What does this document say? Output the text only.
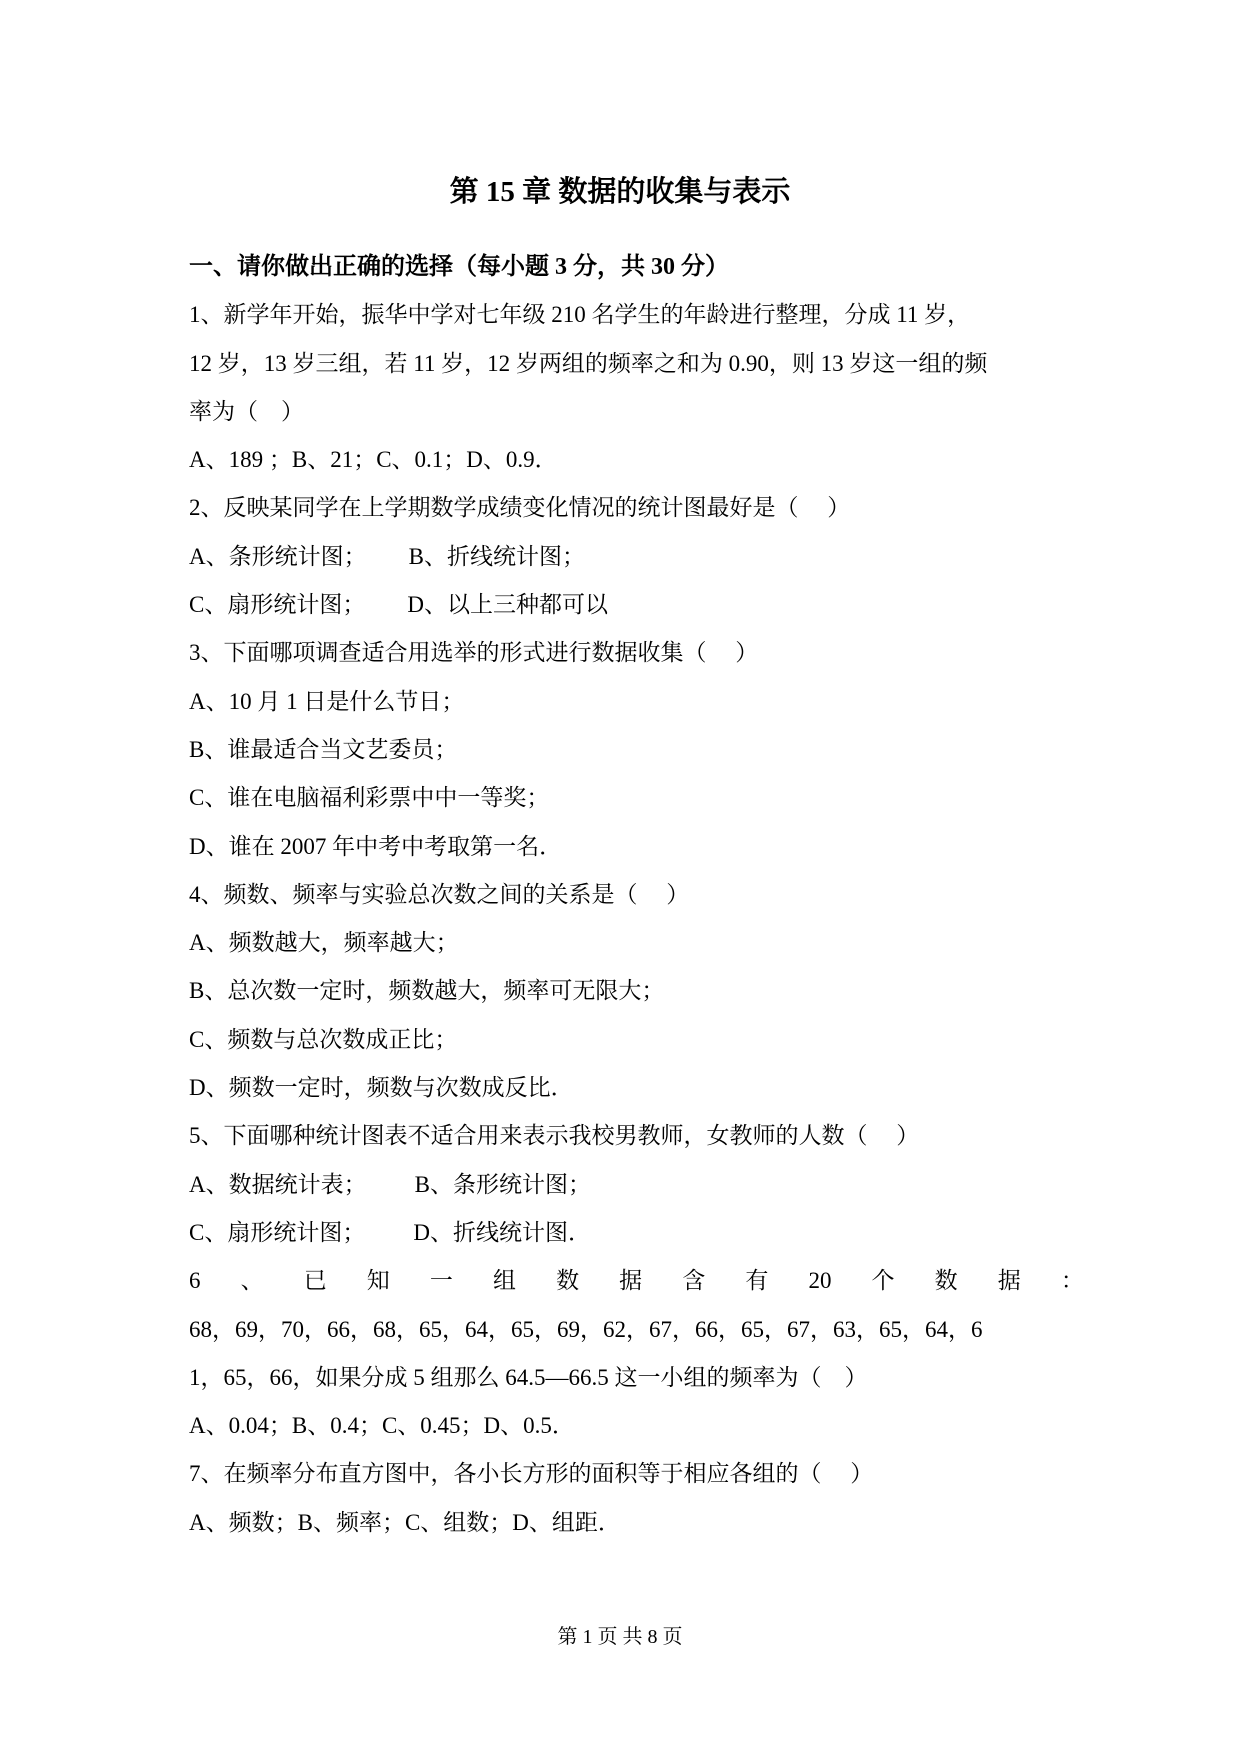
第 15 章 数据的收集与表示
一、请你做出正确的选择（每小题 3 分，共 30 分）
1、新学年开始，振华中学对七年级 210 名学生的年龄进行整理，分成 11 岁，
12 岁，13 岁三组，若 11 岁，12 岁两组的频率之和为 0.90，则 13 岁这一组的频
率为（　）
A、189 ；B、21；C、0.1；D、0.9．
2、反映某同学在上学期数学成绩变化情况的统计图最好是（　 ）
A、条形统计图； B、折线统计图；
C、扇形统计图； D、以上三种都可以
3、下面哪项调查适合用选举的形式进行数据收集（　 ）
A、10 月 1 日是什么节日；
B、谁最适合当文艺委员；
C、谁在电脑福利彩票中中一等奖；
D、谁在 2007 年中考中考取第一名．
4、频数、频率与实验总次数之间的关系是（　 ）
A、频数越大，频率越大；
B、总次数一定时，频数越大，频率可无限大；
C、频数与总次数成正比；
D、频数一定时，频数与次数成反比．
5、下面哪种统计图表不适合用来表示我校男教师，女教师的人数（　 ）
A、数据统计表； B、条形统计图；
C、扇形统计图； D、折线统计图．
6 、 已 知 一 组 数 据 含 有 20 个 数 据 ：
68，69，70，66，68，65，64，65，69，62，67，66，65，67，63，65，64，6
1，65，66，如果分成 5 组那么 64.5—66.5 这一小组的频率为（　）
A、0.04；B、0.4；C、0.45；D、0.5．
7、在频率分布直方图中，各小长方形的面积等于相应各组的（　 ）
A、频数；B、频率；C、组数；D、组距．
第 1 页 共 8 页
